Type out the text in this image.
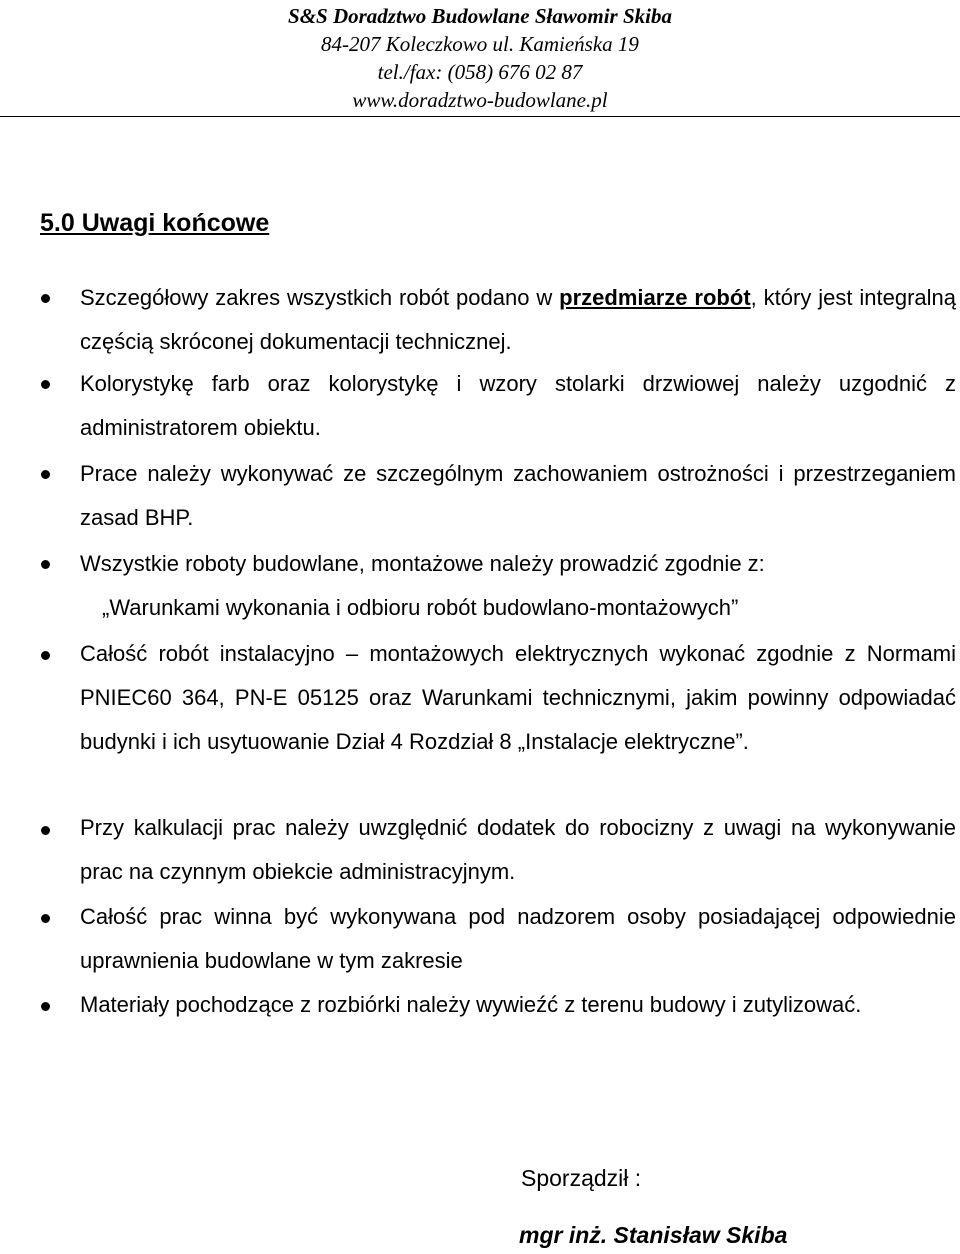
S&S Doradztwo Budowlane Sławomir Skiba
84-207 Koleczkowo ul. Kamieńska 19
tel./fax: (058) 676 02 87
www.doradztwo-budowlane.pl
5.0 Uwagi końcowe
Szczegółowy zakres wszystkich robót podano w przedmiarze robót, który jest integralną częścią skróconej dokumentacji technicznej.
Kolorystykę farb oraz kolorystykę i wzory stolarki drzwiowej należy uzgodnić z administratorem obiektu.
Prace należy wykonywać ze szczególnym zachowaniem ostrożności i przestrzeganiem zasad BHP.
Wszystkie roboty budowlane, montażowe należy prowadzić zgodnie z:
„Warunkami wykonania i odbioru robót budowlano-montażowych”
Całość robót instalacyjno – montażowych elektrycznych wykonać zgodnie z Normami PNIEC60 364, PN-E 05125 oraz Warunkami technicznymi, jakim powinny odpowiadać budynki i ich usytuowanie Dział 4 Rozdział 8 „Instalacje elektryczne”.
Przy kalkulacji prac należy uwzględnić dodatek do robocizny z uwagi na wykonywanie prac na czynnym obiekcie administracyjnym.
Całość prac winna być wykonywana pod nadzorem osoby posiadającej odpowiednie uprawnienia budowlane w tym zakresie
Materiały pochodzące z rozbiórki należy wywieźć z terenu budowy i zutylizować.
Sporządził :
mgr inż. Stanisław Skiba
